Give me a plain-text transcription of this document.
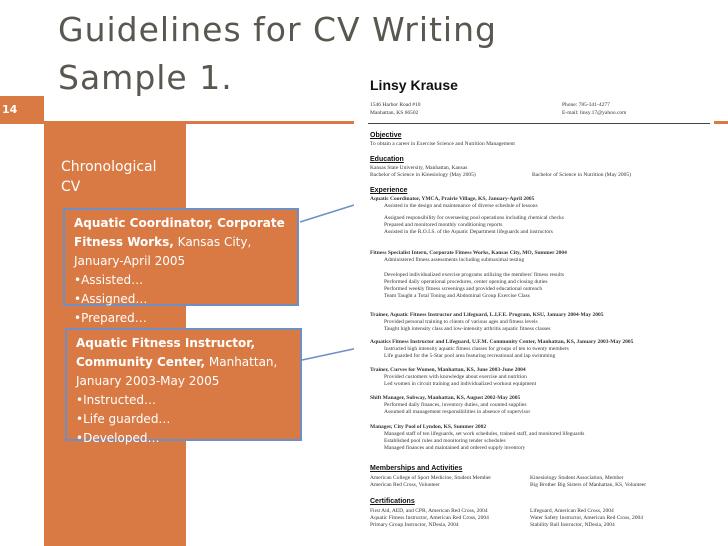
Guidelines for CV Writing
Sample 1.
14
Chronological
CV
Aquatic Coordinator, Corporate Fitness Works, Kansas City, January-April 2005
•Assisted…
•Assigned…
•Prepared…
Aquatic Fitness Instructor, Community Center, Manhattan, January 2003-May 2005
•Instructed…
•Life guarded…
•Developed…
Linsy Krause
1546 Harbor Road #10
Manhattan, KS 66502
Phone: 785-341-4277
E-mail: linsy.17@yahoo.com
Objective
To obtain a career in Exercise Science and Nutrition Management
Education
Kansas State University, Manhattan, Kansas
Bachelor of Science in Kinesiology (May 2005)	Bachelor of Science in Nutrition (May 2005)
Experience
Aquatic Coordinator, YMCA, Prairie Village, KS, January-April 2005
Assisted in the design and maintenance of diverse schedule of lessons
Assigned responsibility for overseeing pool operations including chemical checks
Prepared and monitored monthly conditioning reports
Assisted in the R.O.I.S. of the Aquatic Department lifeguards and instructors
Fitness Specialist Intern, Corporate Fitness Works, Kansas City, MO, Summer 2004
Administered fitness assessments including submaximal testing
Developed individualized exercise programs utilizing the members' fitness results
Performed daily operational procedures, center opening and closing duties
Performed weekly fitness screenings and provided educational outreach
Team Taught a Total Toning and Abdominal Group Exercise Class
Trainer, Aquatic Fitness Instructor and Lifeguard, L.I.F.E. Program, KSU, January 2004-May 2005
Provided personal training to clients of various ages and fitness levels
Taught high intensity class and low-intensity arthritis aquatic fitness classes
Aquatics Fitness Instructor and Lifeguard, U.F.M. Community Center, Manhattan, KS, January 2003-May 2005
Instructed high intensity aquatic fitness classes for groups of ten to twenty members
Life guarded for the 5-Star pool area featuring recreational and lap swimming
Trainer, Curves for Women, Manhattan, KS, June 2003-June 2004
Provided customers with knowledge about exercise and nutrition
Led women in circuit training and individualized workout equipment
Shift Manager, Subway, Manhattan, KS, August 2002-May 2005
Performed daily finances, inventory duties, and counted supplies
Assumed all management responsibilities in absence of supervisor
Manager, City Pool of Lyndon, KS, Summer 2002
Managed staff of ten lifeguards, set work schedules, trained staff, and monitored lifeguards
Established pool rules and monitoring tender schedules
Managed finances and maintained and ordered supply inventory
Memberships and Activities
American College of Sport Medicine, Student Member
American Red Cross, Volunteer
Kinesiology Student Association, Member
Big Brother Big Sisters of Manhattan, KS, Volunteer
Certifications
First Aid, AED, and CPR, American Red Cross, 2004
Aquatic Fitness Instructor, American Red Cross, 2004
Primary Group Instructor, NDesia, 2004
Lifeguard, American Red Cross, 2004
Water Safety Instructor, American Red Cross, 2004
Stability Ball Instructor, NDesia, 2004
